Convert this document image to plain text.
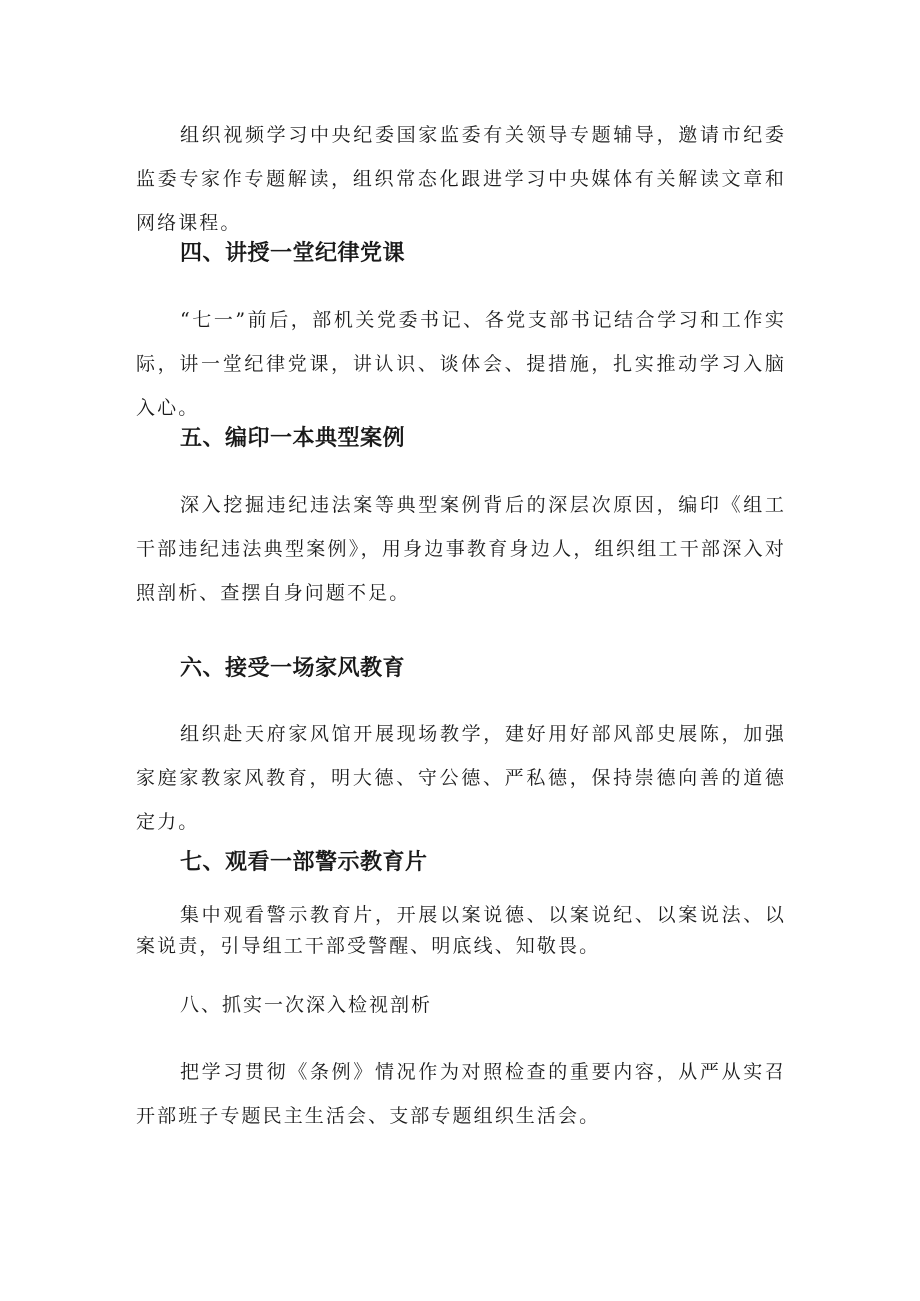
组织视频学习中央纪委国家监委有关领导专题辅导，邀请市纪委监委专家作专题解读，组织常态化跟进学习中央媒体有关解读文章和网络课程。

四、讲授一堂纪律党课

“七一”前后，部机关党委书记、各党支部书记结合学习和工作实际，讲一堂纪律党课，讲认识、谈体会、提措施，扎实推动学习入脑入心。

五、编印一本典型案例

深入挖掘违纪违法案等典型案例背后的深层次原因，编印《组工干部违纪违法典型案例》，用身边事教育身边人，组织组工干部深入对照剖析、查摆自身问题不足。

六、接受一场家风教育

组织赴天府家风馆开展现场教学，建好用好部风部史展陈，加强家庭家教家风教育，明大德、守公德、严私德，保持崇德向善的道德定力。

七、观看一部警示教育片

集中观看警示教育片，开展以案说德、以案说纪、以案说法、以案说责，引导组工干部受警醒、明底线、知敬畏。

八、抓实一次深入检视剖析

把学习贯彻《条例》情况作为对照检查的重要内容，从严从实召开部班子专题民主生活会、支部专题组织生活会。
